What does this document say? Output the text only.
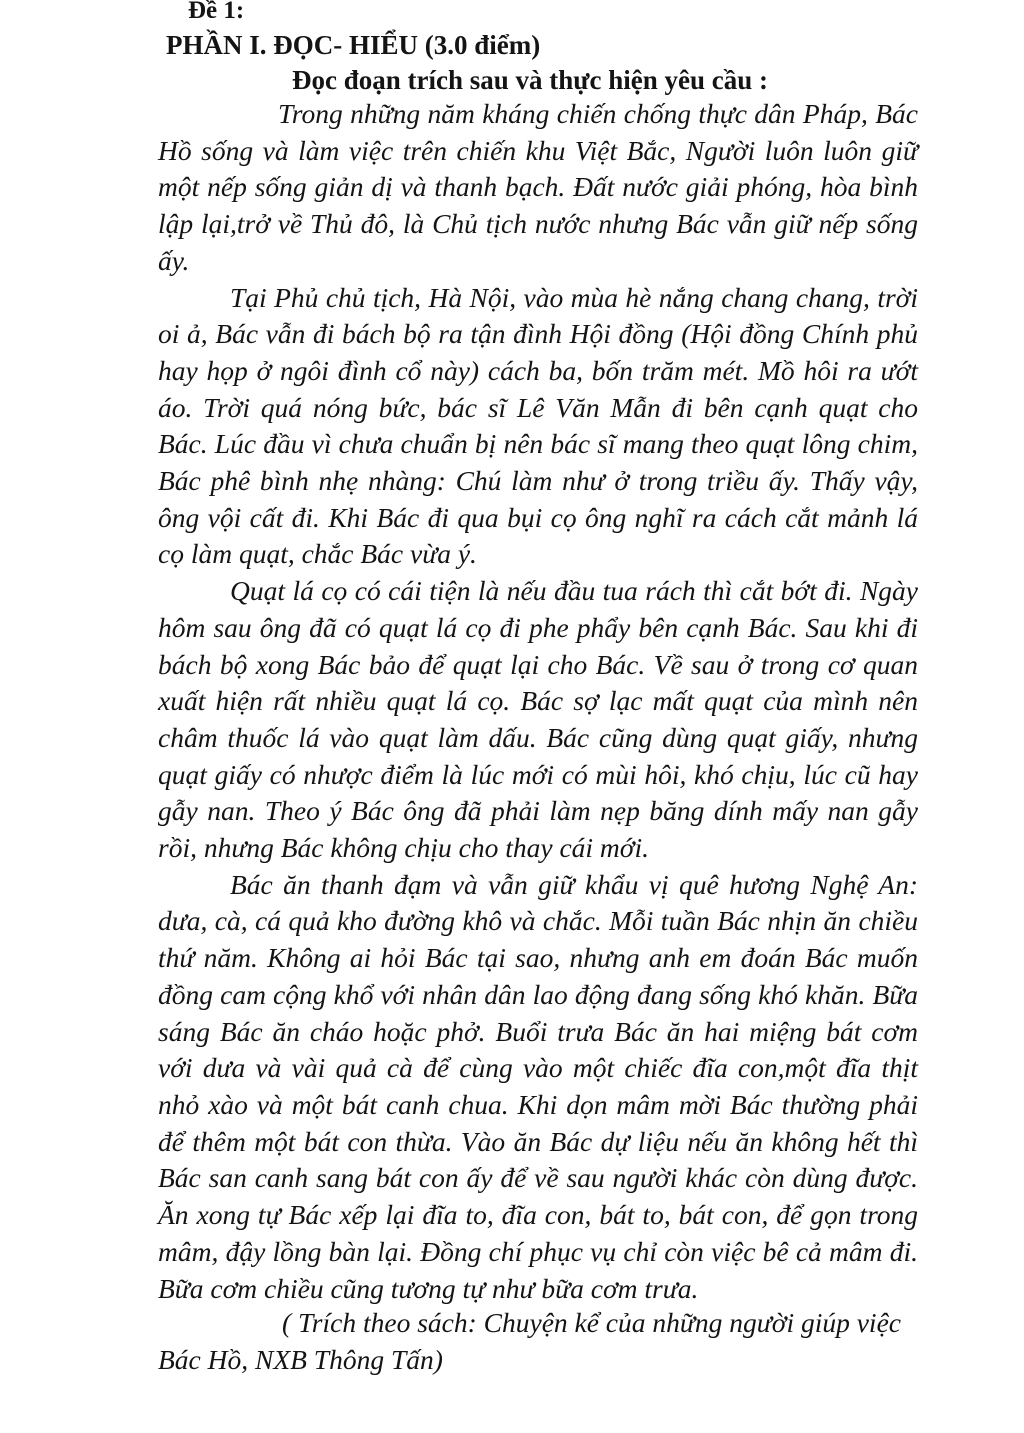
Đề 1:
PHẦN I. ĐỌC- HIỂU (3.0 điểm)
Đọc đoạn trích sau và thực hiện yêu cầu :

Trong những năm kháng chiến chống thực dân Pháp, Bác Hồ sống và làm việc trên chiến khu Việt Bắc, Người luôn luôn giữ một nếp sống giản dị và thanh bạch. Đất nước giải phóng, hòa bình lập lại,trở về Thủ đô, là Chủ tịch nước nhưng Bác vẫn giữ nếp sống ấy.

Tại Phủ chủ tịch, Hà Nội, vào mùa hè nắng chang chang, trời oi ả, Bác vẫn đi bách bộ ra tận đình Hội đồng (Hội đồng Chính phủ hay họp ở ngôi đình cổ này) cách ba, bốn trăm mét. Mồ hôi ra ướt áo. Trời quá nóng bức, bác sĩ Lê Văn Mẫn đi bên cạnh quạt cho Bác. Lúc đầu vì chưa chuẩn bị nên bác sĩ mang theo quạt lông chim, Bác phê bình nhẹ nhàng: Chú làm như ở trong triều ấy. Thấy vậy, ông vội cất đi. Khi Bác đi qua bụi cọ ông nghĩ ra cách cắt mảnh lá cọ làm quạt, chắc Bác vừa ý.

Quạt lá cọ có cái tiện là nếu đầu tua rách thì cắt bớt đi. Ngày hôm sau ông đã có quạt lá cọ đi phe phẩy bên cạnh Bác. Sau khi đi bách bộ xong Bác bảo để quạt lại cho Bác. Về sau ở trong cơ quan xuất hiện rất nhiều quạt lá cọ. Bác sợ lạc mất quạt của mình nên châm thuốc lá vào quạt làm dấu. Bác cũng dùng quạt giấy, nhưng quạt giấy có nhược điểm là lúc mới có mùi hôi, khó chịu, lúc cũ hay gẫy nan. Theo ý Bác ông đã phải làm nẹp băng dính mấy nan gẫy rồi, nhưng Bác không chịu cho thay cái mới.

Bác ăn thanh đạm và vẫn giữ khẩu vị quê hương Nghệ An: dưa, cà, cá quả kho đường khô và chắc. Mỗi tuần Bác nhịn ăn chiều thứ năm. Không ai hỏi Bác tại sao, nhưng anh em đoán Bác muốn đồng cam cộng khổ với nhân dân lao động đang sống khó khăn. Bữa sáng Bác ăn cháo hoặc phở. Buổi trưa Bác ăn hai miệng bát cơm với dưa và vài quả cà để cùng vào một chiếc đĩa con,một đĩa thịt nhỏ xào và một bát canh chua. Khi dọn mâm mời Bác thường phải để thêm một bát con thừa. Vào ăn Bác dự liệu nếu ăn không hết thì Bác san canh sang bát con ấy để về sau người khác còn dùng được. Ăn xong tự Bác xếp lại đĩa to, đĩa con, bát to, bát con, để gọn trong mâm, đậy lồng bàn lại. Đồng chí phục vụ chỉ còn việc bê cả mâm đi. Bữa cơm chiều cũng tương tự như bữa cơm trưa.

( Trích theo sách: Chuyện kể của những người giúp việc Bác Hồ, NXB Thông Tấn)
